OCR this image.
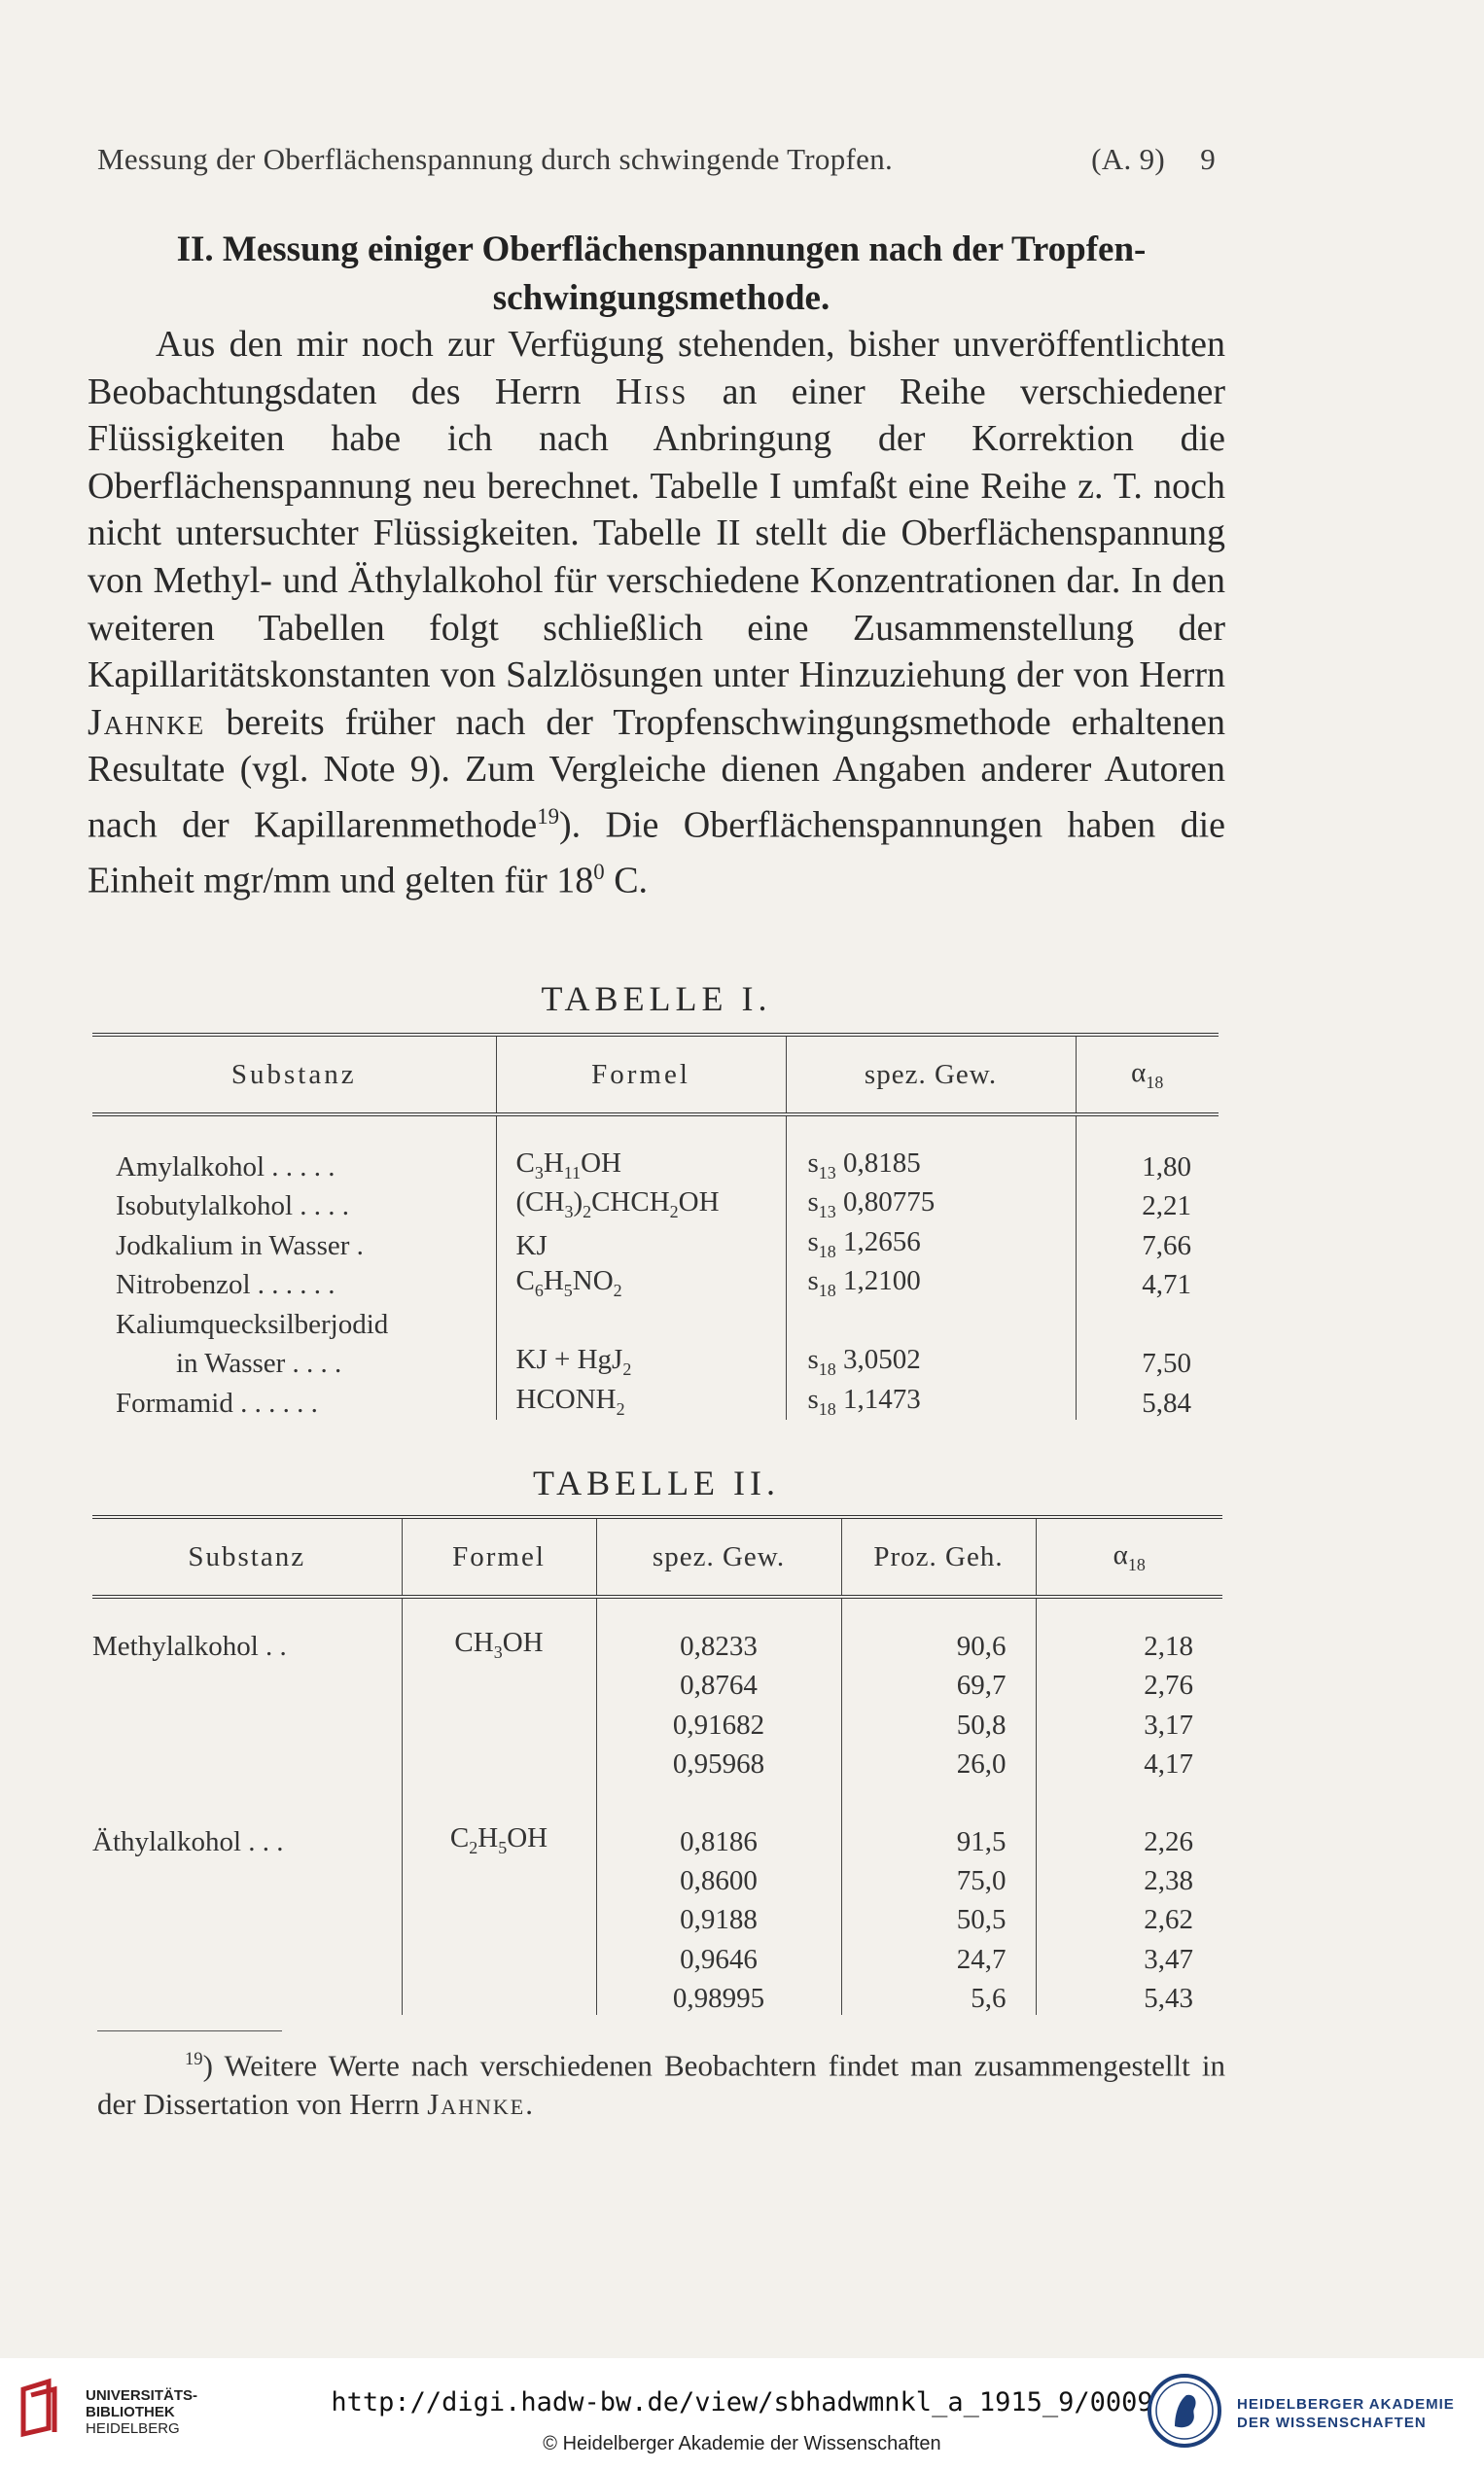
Messung der Oberflächenspannung durch schwingende Tropfen.	(A. 9) 9
II. Messung einiger Oberflächenspannungen nach der Tropfen-
schwingungsmethode.

Aus den mir noch zur Verfügung stehenden, bisher unveröffentlichten Beobachtungsdaten des Herrn Hiss an einer Reihe verschiedener Flüssigkeiten habe ich nach Anbringung der Korrektion die Oberflächenspannung neu berechnet. Tabelle I umfaßt eine Reihe z. T. noch nicht untersuchter Flüssigkeiten. Tabelle II stellt die Oberflächenspannung von Methyl- und Äthylalkohol für verschiedene Konzentrationen dar. In den weiteren Tabellen folgt schließlich eine Zusammenstellung der Kapillaritätskonstanten von Salzlösungen unter Hinzuziehung der von Herrn Jahnke bereits früher nach der Tropfenschwingungsmethode erhaltenen Resultate (vgl. Note 9). Zum Vergleiche dienen Angaben anderer Autoren nach der Kapillarenmethode$^{19}$). Die Oberflächenspannungen haben die Einheit mgr/mm und gelten für $18^0$ C.

TABELLE I.
Substanz	Formel	spez. Gew.	$\alpha_{18}$
Amylalkohol . . . . .	$C_3H_{11}OH$	$s_{13}$ 0,8185	1,80
Isobutylalkohol . . . .	$(CH_3)_2CHCH_2OH$	$s_{13}$ 0,80775	2,21
Jodkalium in Wasser .	KJ	$s_{18}$ 1,2656	7,66
Nitrobenzol . . . . . .	$C_6H_5NO_2$	$s_{18}$ 1,2100	4,71
Kaliumquecksilberjodid			
in Wasser . . . .	KJ + HgJ$_2$	$s_{18}$ 3,0502	7,50
Formamid . . . . . .	$HCONH_2$	$s_{18}$ 1,1473	5,84
TABELLE II.
Substanz	Formel	spez. Gew.	Proz. Geh.	$\alpha_{18}$
Methylalkohol . .	$CH_3OH$	0,8233	90,6	2,18
		0,8764	69,7	2,76
		0,91682	50,8	3,17
		0,95968	26,0	4,17

Äthylalkohol . . .	$C_2H_5OH$	0,8186	91,5	2,26
		0,8600	75,0	2,38
		0,9188	50,5	2,62
		0,9646	24,7	3,47
		0,98995	5,6	5,43

$^{19}$) Weitere Werte nach verschiedenen Beobachtern findet man zusammengestellt in der Dissertation von Herrn Jahnke.

UNIVERSITÄTS-
BIBLIOTHEK
HEIDELBERG
http://digi.hadw-bw.de/view/sbhadwmnkl_a_1915_9/0009
© Heidelberger Akademie der Wissenschaften
HEIDELBERGER AKADEMIE
DER WISSENSCHAFTEN
